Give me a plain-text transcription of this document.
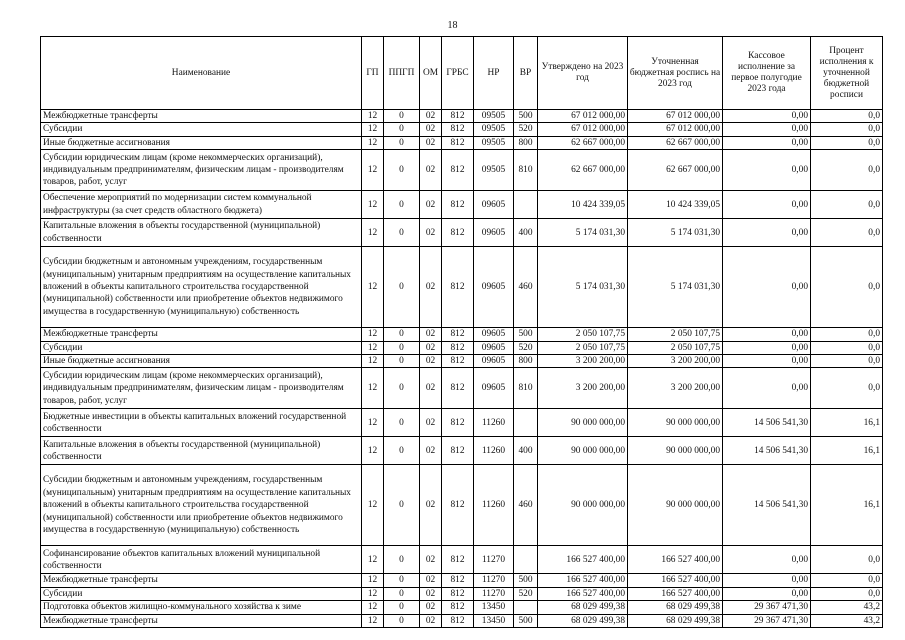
18
Наименование	ГП	ППГП	ОМ	ГРБС	НР	ВР	Утверждено на 2023 год	Уточненная бюджетная роспись на 2023 год	Кассовое исполнение за первое полугодие 2023 года	Процент исполнения к уточненной бюджетной росписи
Межбюджетные трансферты	12	0	02	812	09505	500	67 012 000,00	67 012 000,00	0,00	0,0
Субсидии	12	0	02	812	09505	520	67 012 000,00	67 012 000,00	0,00	0,0
Иные бюджетные ассигнования	12	0	02	812	09505	800	62 667 000,00	62 667 000,00	0,00	0,0
Субсидии юридическим лицам (кроме некоммерческих организаций), индивидуальным предпринимателям, физическим лицам - производителям товаров, работ, услуг	12	0	02	812	09505	810	62 667 000,00	62 667 000,00	0,00	0,0
Обеспечение мероприятий по модернизации систем коммунальной инфраструктуры (за счет средств областного бюджета)	12	0	02	812	09605		10 424 339,05	10 424 339,05	0,00	0,0
Капитальные вложения в объекты государственной (муниципальной) собственности	12	0	02	812	09605	400	5 174 031,30	5 174 031,30	0,00	0,0
Субсидии бюджетным и автономным учреждениям, государственным (муниципальным) унитарным предприятиям на осуществление капитальных вложений в объекты капитального строительства государственной (муниципальной) собственности или приобретение объектов недвижимого имущества в государственную (муниципальную) собственность	12	0	02	812	09605	460	5 174 031,30	5 174 031,30	0,00	0,0
Межбюджетные трансферты	12	0	02	812	09605	500	2 050 107,75	2 050 107,75	0,00	0,0
Субсидии	12	0	02	812	09605	520	2 050 107,75	2 050 107,75	0,00	0,0
Иные бюджетные ассигнования	12	0	02	812	09605	800	3 200 200,00	3 200 200,00	0,00	0,0
Субсидии юридическим лицам (кроме некоммерческих организаций), индивидуальным предпринимателям, физическим лицам - производителям товаров, работ, услуг	12	0	02	812	09605	810	3 200 200,00	3 200 200,00	0,00	0,0
Бюджетные инвестиции в объекты капитальных вложений государственной собственности	12	0	02	812	11260		90 000 000,00	90 000 000,00	14 506 541,30	16,1
Капитальные вложения в объекты государственной (муниципальной) собственности	12	0	02	812	11260	400	90 000 000,00	90 000 000,00	14 506 541,30	16,1
Субсидии бюджетным и автономным учреждениям, государственным (муниципальным) унитарным предприятиям на осуществление капитальных вложений в объекты капитального строительства государственной (муниципальной) собственности или приобретение объектов недвижимого имущества в государственную (муниципальную) собственность	12	0	02	812	11260	460	90 000 000,00	90 000 000,00	14 506 541,30	16,1
Софинансирование объектов капитальных вложений муниципальной собственности	12	0	02	812	11270		166 527 400,00	166 527 400,00	0,00	0,0
Межбюджетные трансферты	12	0	02	812	11270	500	166 527 400,00	166 527 400,00	0,00	0,0
Субсидии	12	0	02	812	11270	520	166 527 400,00	166 527 400,00	0,00	0,0
Подготовка объектов жилищно-коммунального хозяйства к зиме	12	0	02	812	13450		68 029 499,38	68 029 499,38	29 367 471,30	43,2
Межбюджетные трансферты	12	0	02	812	13450	500	68 029 499,38	68 029 499,38	29 367 471,30	43,2
